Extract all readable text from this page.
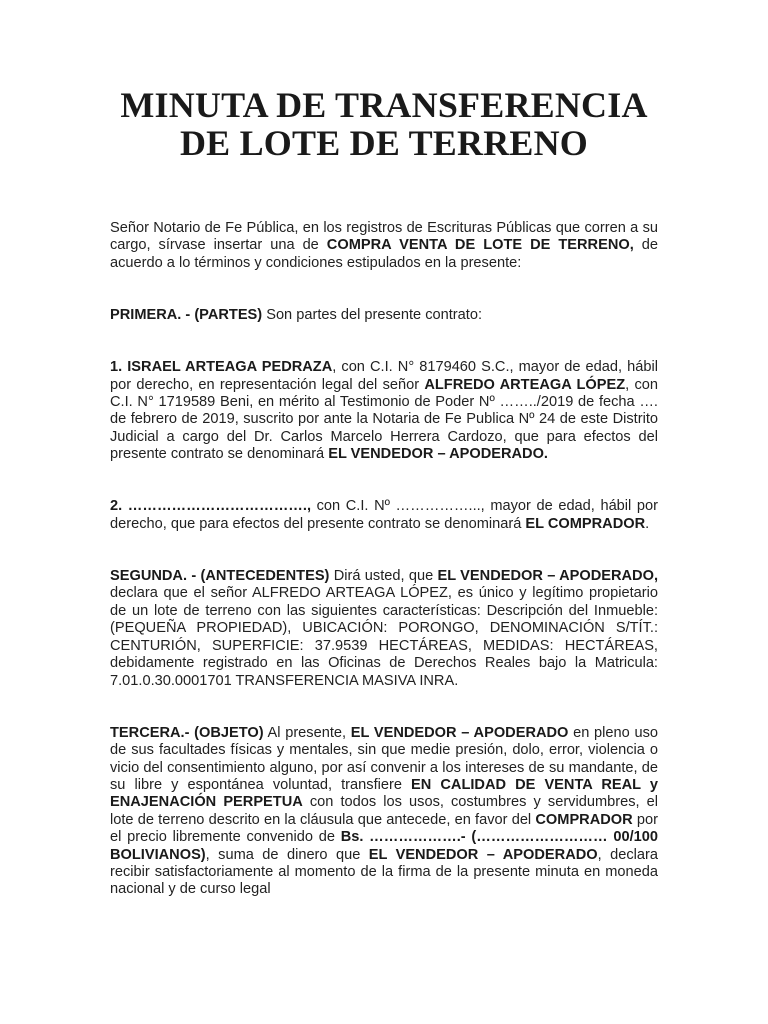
MINUTA DE TRANSFERENCIA
DE LOTE DE TERRENO

Señor Notario de Fe Pública, en los registros de Escrituras Públicas que corren a su cargo, sírvase insertar una de COMPRA VENTA DE LOTE DE TERRENO, de acuerdo a lo términos y condiciones estipulados en la presente:

PRIMERA. - (PARTES) Son partes del presente contrato:

1. ISRAEL ARTEAGA PEDRAZA, con C.I. N° 8179460 S.C., mayor de edad, hábil por derecho, en representación legal del señor ALFREDO ARTEAGA LÓPEZ, con C.I. N° 1719589 Beni, en mérito al Testimonio de Poder Nº ……../2019 de fecha …. de febrero de 2019, suscrito por ante la Notaria de Fe Publica Nº 24 de este Distrito Judicial a cargo del Dr. Carlos Marcelo Herrera Cardozo, que para efectos del presente contrato se denominará EL VENDEDOR – APODERADO.

2. ………………………………., con C.I. Nº ……………..., mayor de edad, hábil por derecho, que para efectos del presente contrato se denominará EL COMPRADOR.

SEGUNDA. - (ANTECEDENTES) Dirá usted, que EL VENDEDOR – APODERADO, declara que el señor ALFREDO ARTEAGA LÓPEZ, es único y legítimo propietario de un lote de terreno con las siguientes características: Descripción del Inmueble: (PEQUEÑA PROPIEDAD), UBICACIÓN: PORONGO, DENOMINACIÓN S/TÍT.: CENTURIÓN, SUPERFICIE: 37.9539 HECTÁREAS, MEDIDAS: HECTÁREAS, debidamente registrado en las Oficinas de Derechos Reales bajo la Matricula: 7.01.0.30.0001701 TRANSFERENCIA MASIVA INRA.

TERCERA.- (OBJETO) Al presente, EL VENDEDOR – APODERADO en pleno uso de sus facultades físicas y mentales, sin que medie presión, dolo, error, violencia o vicio del consentimiento alguno, por así convenir a los intereses de su mandante, de su libre y espontánea voluntad, transfiere EN CALIDAD DE VENTA REAL y ENAJENACIÓN PERPETUA con todos los usos, costumbres y servidumbres, el lote de terreno descrito en la cláusula que antecede, en favor del COMPRADOR por el precio libremente convenido de Bs. ……………….- (……………………… 00/100 BOLIVIANOS), suma de dinero que EL VENDEDOR – APODERADO, declara recibir satisfactoriamente al momento de la firma de la presente minuta en moneda nacional y de curso legal
